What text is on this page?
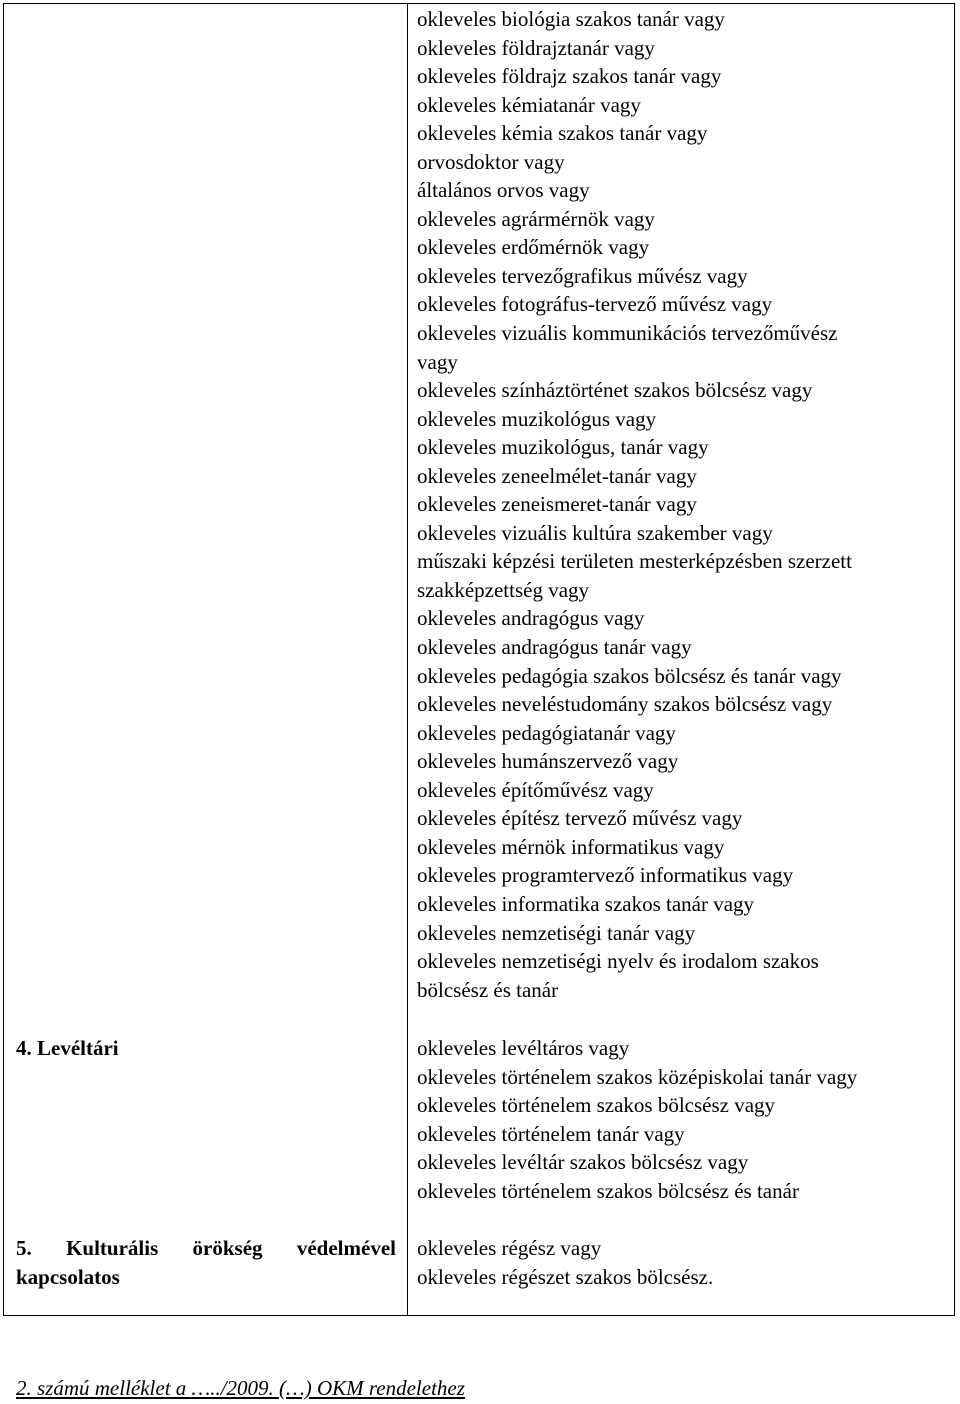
okleveles biológia szakos tanár vagy
okleveles földrajztanár vagy
okleveles földrajz szakos tanár vagy
okleveles kémiatanár vagy
okleveles kémia szakos tanár vagy
orvosdoktor vagy
általános orvos vagy
okleveles agrármérnök vagy
okleveles erdőmérnök vagy
okleveles tervezőgrafikus művész vagy
okleveles fotográfus-tervező művész vagy
okleveles vizuális kommunikációs tervezőművész
vagy
okleveles színháztörténet szakos bölcsész vagy
okleveles muzikológus vagy
okleveles muzikológus, tanár vagy
okleveles zeneelmélet-tanár vagy
okleveles zeneismeret-tanár vagy
okleveles vizuális kultúra szakember vagy
műszaki képzési területen mesterképzésben szerzett
szakképzettség vagy
okleveles andragógus vagy
okleveles andragógus tanár vagy
okleveles pedagógia szakos bölcsész és tanár vagy
okleveles neveléstudomány szakos bölcsész vagy
okleveles pedagógiatanár vagy
okleveles humánszervező vagy
okleveles építőművész vagy
okleveles építész tervező művész vagy
okleveles mérnök informatikus vagy
okleveles programtervező informatikus vagy
okleveles informatika szakos tanár vagy
okleveles nemzetiségi tanár vagy
okleveles nemzetiségi nyelv és irodalom szakos
bölcsész és tanár
4. Levéltári	okleveles levéltáros vagy
okleveles történelem szakos középiskolai tanár vagy
okleveles történelem szakos bölcsész vagy
okleveles történelem tanár vagy
okleveles levéltár szakos bölcsész vagy
okleveles történelem szakos bölcsész és tanár
5. Kulturális örökség védelmével kapcsolatos
okleveles régész vagy
okleveles régészet szakos bölcsész.
2. számú melléklet a …../2009. (…) OKM rendelethez
